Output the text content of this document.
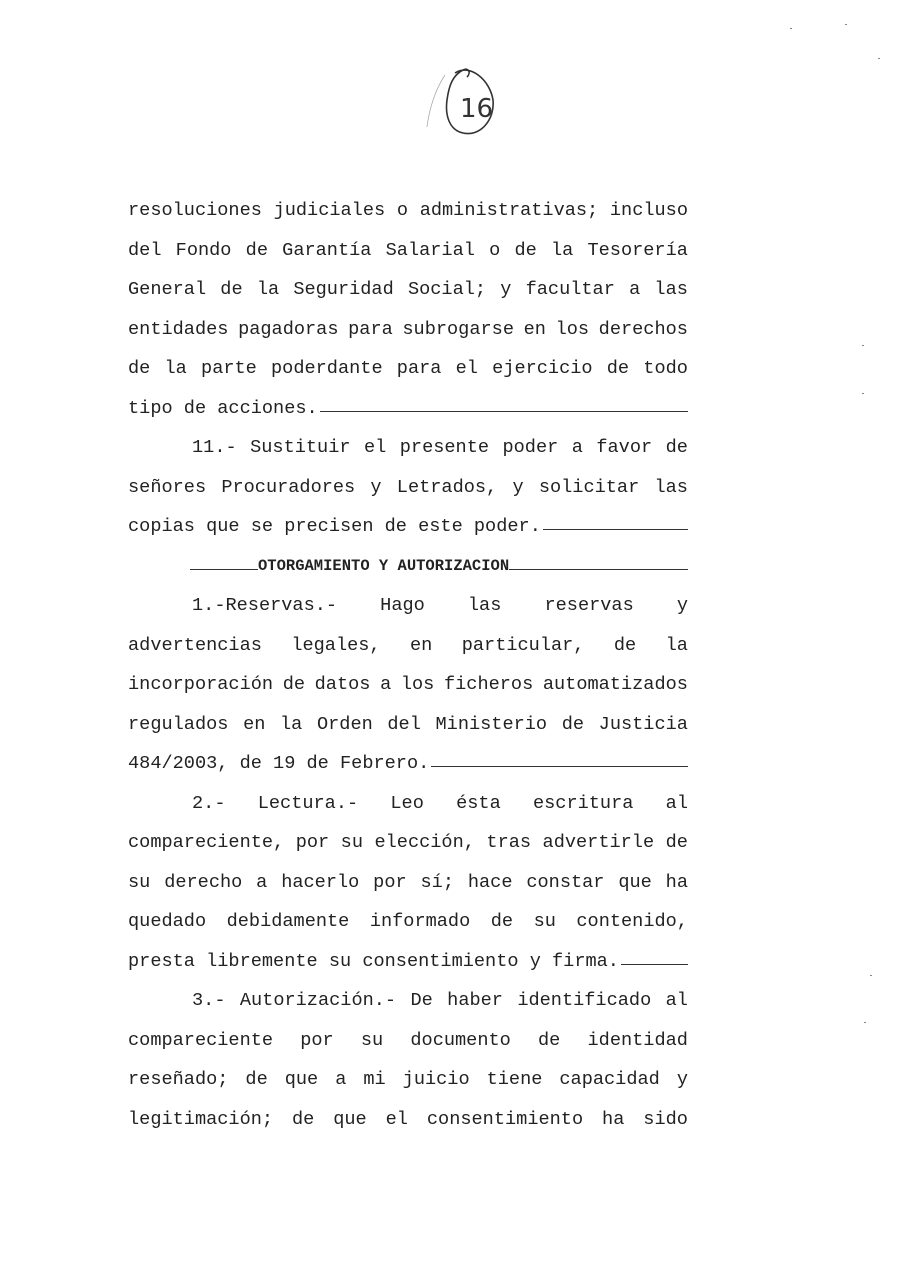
16
resoluciones judiciales o administrativas; incluso
del Fondo de Garantía Salarial o de la Tesorería
General de la Seguridad Social; y facultar a las
entidades pagadoras para subrogarse en los derechos
de la parte poderdante para el ejercicio de todo
tipo de acciones.
11.- Sustituir el presente poder a favor de
señores Procuradores y Letrados, y solicitar las
copias que se precisen de este poder.
OTORGAMIENTO Y AUTORIZACION
1.-Reservas.- Hago las reservas y
advertencias legales, en particular, de la
incorporación de datos a los ficheros automatizados
regulados en la Orden del Ministerio de Justicia
484/2003, de 19 de Febrero.
2.- Lectura.- Leo ésta escritura al
compareciente, por su elección, tras advertirle de
su derecho a hacerlo por sí; hace constar que ha
quedado debidamente informado de su contenido,
presta libremente su consentimiento y firma.
3.- Autorización.- De haber identificado al
compareciente por su documento de identidad
reseñado; de que a mi juicio tiene capacidad y
legitimación; de que el consentimiento ha sido
